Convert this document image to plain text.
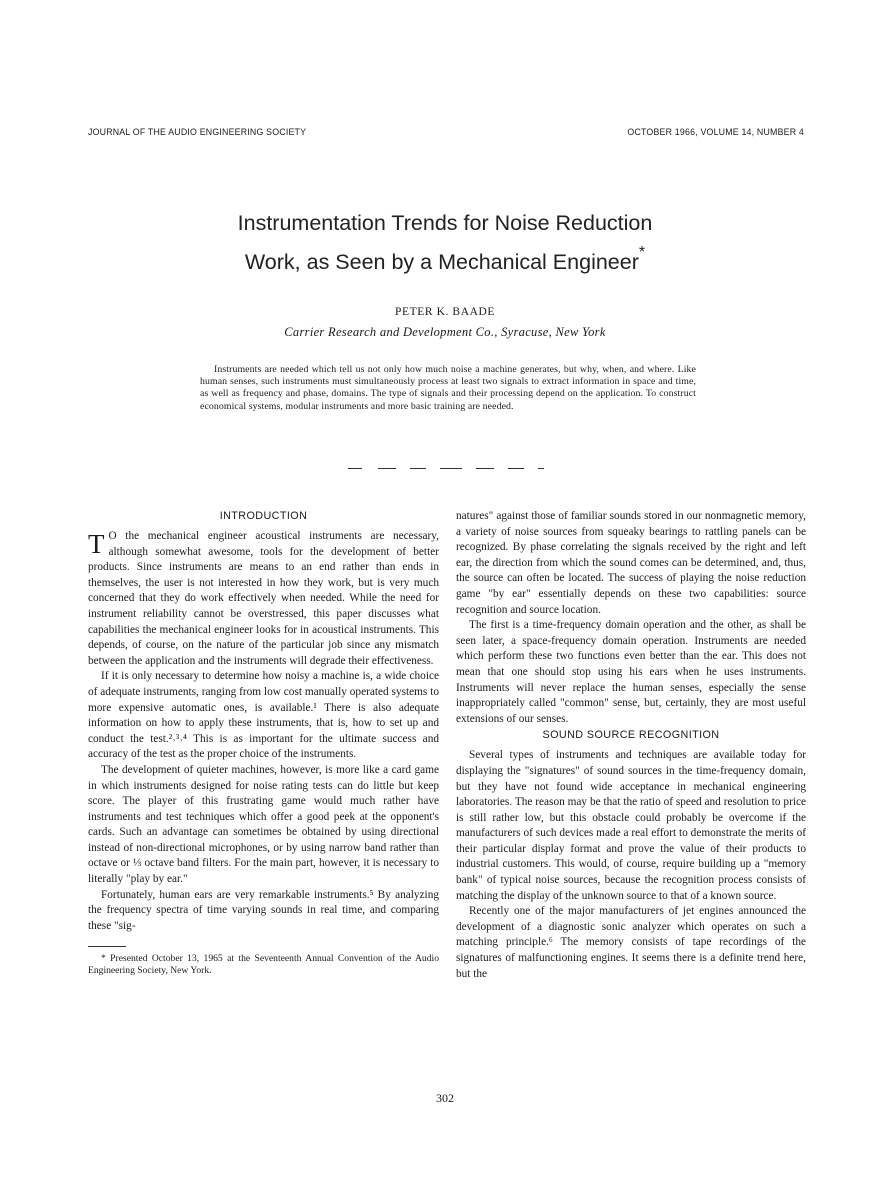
JOURNAL OF THE AUDIO ENGINEERING SOCIETY	OCTOBER 1966, VOLUME 14, NUMBER 4
Instrumentation Trends for Noise Reduction
Work, as Seen by a Mechanical Engineer*
PETER K. BAADE
Carrier Research and Development Co., Syracuse, New York
Instruments are needed which tell us not only how much noise a machine generates, but why, when, and where. Like human senses, such instruments must simultaneously process at least two signals to extract information in space and time, as well as frequency and phase, domains. The type of signals and their processing depend on the application. To construct economical systems, modular instruments and more basic training are needed.
INTRODUCTION

T O the mechanical engineer acoustical instruments are necessary, although somewhat awesome, tools for the development of better products. Since instruments are means to an end rather than ends in themselves, the user is not interested in how they work, but is very much concerned that they do work effectively when needed. While the need for instrument reliability cannot be overstressed, this paper discusses what capabilities the mechanical engineer looks for in acoustical instruments. This depends, of course, on the nature of the particular job since any mismatch between the application and the instruments will degrade their effectiveness.

If it is only necessary to determine how noisy a machine is, a wide choice of adequate instruments, ranging from low cost manually operated systems to more expensive automatic ones, is available.¹ There is also adequate information on how to apply these instruments, that is, how to set up and conduct the test.²˒³˒⁴ This is as important for the ultimate success and accuracy of the test as the proper choice of the instruments.

The development of quieter machines, however, is more like a card game in which instruments designed for noise rating tests can do little but keep score. The player of this frustrating game would much rather have instruments and test techniques which offer a good peek at the opponent's cards. Such an advantage can sometimes be obtained by using directional instead of non-directional microphones, or by using narrow band rather than octave or ⅓ octave band filters. For the main part, however, it is necessary to literally "play by ear."

Fortunately, human ears are very remarkable instruments.⁵ By analyzing the frequency spectra of time varying sounds in real time, and comparing these "sig-

* Presented October 13, 1965 at the Seventeenth Annual Convention of the Audio Engineering Society, New York.

natures" against those of familiar sounds stored in our nonmagnetic memory, a variety of noise sources from squeaky bearings to rattling panels can be recognized. By phase correlating the signals received by the right and left ear, the direction from which the sound comes can be determined, and, thus, the source can often be located. The success of playing the noise reduction game "by ear" essentially depends on these two capabilities: source recognition and source location.

The first is a time-frequency domain operation and the other, as shall be seen later, a space-frequency domain operation. Instruments are needed which perform these two functions even better than the ear. This does not mean that one should stop using his ears when he uses instruments. Instruments will never replace the human senses, especially the sense inappropriately called "common" sense, but, certainly, they are most useful extensions of our senses.

SOUND SOURCE RECOGNITION

Several types of instruments and techniques are available today for displaying the "signatures" of sound sources in the time-frequency domain, but they have not found wide acceptance in mechanical engineering laboratories. The reason may be that the ratio of speed and resolution to price is still rather low, but this obstacle could probably be overcome if the manufacturers of such devices made a real effort to demonstrate the merits of their particular display format and prove the value of their products to industrial customers. This would, of course, require building up a "memory bank" of typical noise sources, because the recognition process consists of matching the display of the unknown source to that of a known source.

Recently one of the major manufacturers of jet engines announced the development of a diagnostic sonic analyzer which operates on such a matching principle.⁶ The memory consists of tape recordings of the signatures of malfunctioning engines. It seems there is a definite trend here, but the

302
